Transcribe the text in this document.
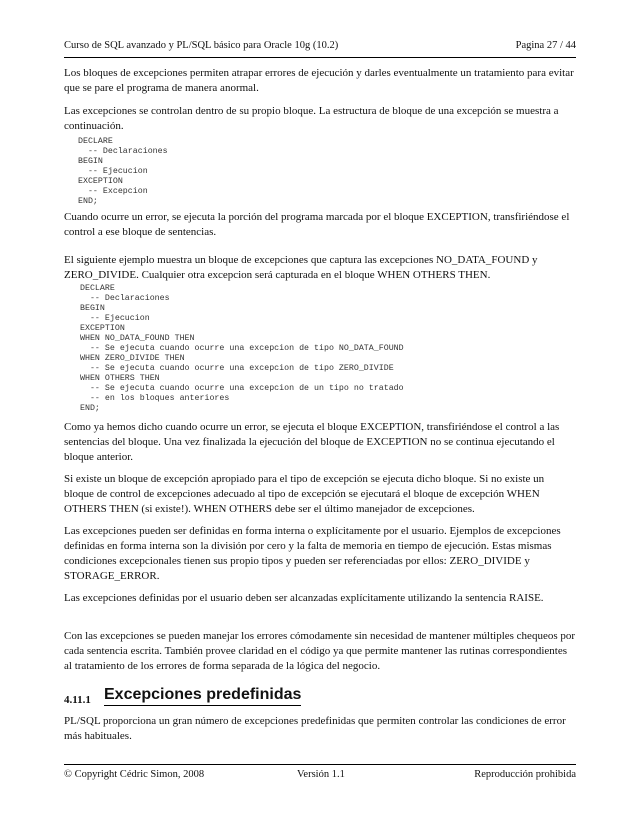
Curso de SQL avanzado y PL/SQL básico para Oracle 10g (10.2)	Pagina 27 / 44

Los bloques de excepciones permiten atrapar errores de ejecución y darles eventualmente un tratamiento para evitar que se pare el programa de manera anormal.

Las excepciones se controlan dentro de su propio bloque. La estructura de bloque de una excepción se muestra a continuación.

DECLARE
-- Declaraciones
BEGIN
-- Ejecucion
EXCEPTION
-- Excepcion
END;

Cuando ocurre un error, se ejecuta la porción del programa marcada por el bloque EXCEPTION, transfiriéndose el control a ese bloque de sentencias.

El siguiente ejemplo muestra un bloque de excepciones que captura las excepciones NO_DATA_FOUND y ZERO_DIVIDE. Cualquier otra excepcion será capturada en el bloque WHEN OTHERS THEN.

DECLARE
-- Declaraciones
BEGIN
-- Ejecucion
EXCEPTION
WHEN NO_DATA_FOUND THEN
-- Se ejecuta cuando ocurre una excepcion de tipo NO_DATA_FOUND
WHEN ZERO_DIVIDE THEN
-- Se ejecuta cuando ocurre una excepcion de tipo ZERO_DIVIDE
WHEN OTHERS THEN
-- Se ejecuta cuando ocurre una excepcion de un tipo no tratado
-- en los bloques anteriores
END;

Como ya hemos dicho cuando ocurre un error, se ejecuta el bloque EXCEPTION, transfiriéndose el control a las sentencias del bloque. Una vez finalizada la ejecución del bloque de EXCEPTION no se continua ejecutando el bloque anterior.

Si existe un bloque de excepción apropiado para el tipo de excepción se ejecuta dicho bloque. Si no existe un bloque de control de excepciones adecuado al tipo de excepción se ejecutará el bloque de excepción WHEN OTHERS THEN (si existe!). WHEN OTHERS debe ser el último manejador de excepciones.

Las excepciones pueden ser definidas en forma interna o explícitamente por el usuario. Ejemplos de excepciones definidas en forma interna son la división por cero y la falta de memoria en tiempo de ejecución. Estas mismas condiciones excepcionales tienen sus propio tipos y pueden ser referenciadas por ellos: ZERO_DIVIDE y STORAGE_ERROR.

Las excepciones definidas por el usuario deben ser alcanzadas explícitamente utilizando la sentencia RAISE.

Con las excepciones se pueden manejar los errores cómodamente sin necesidad de mantener múltiples chequeos por cada sentencia escrita. También provee claridad en el código ya que permite mantener las rutinas correspondientes al tratamiento de los errores de forma separada de la lógica del negocio.

4.11.1 Excepciones predefinidas

PL/SQL proporciona un gran número de excepciones predefinidas que permiten controlar las condiciones de error más habituales.

© Copyright Cédric Simon, 2008	Versión 1.1	Reproducción prohibida
